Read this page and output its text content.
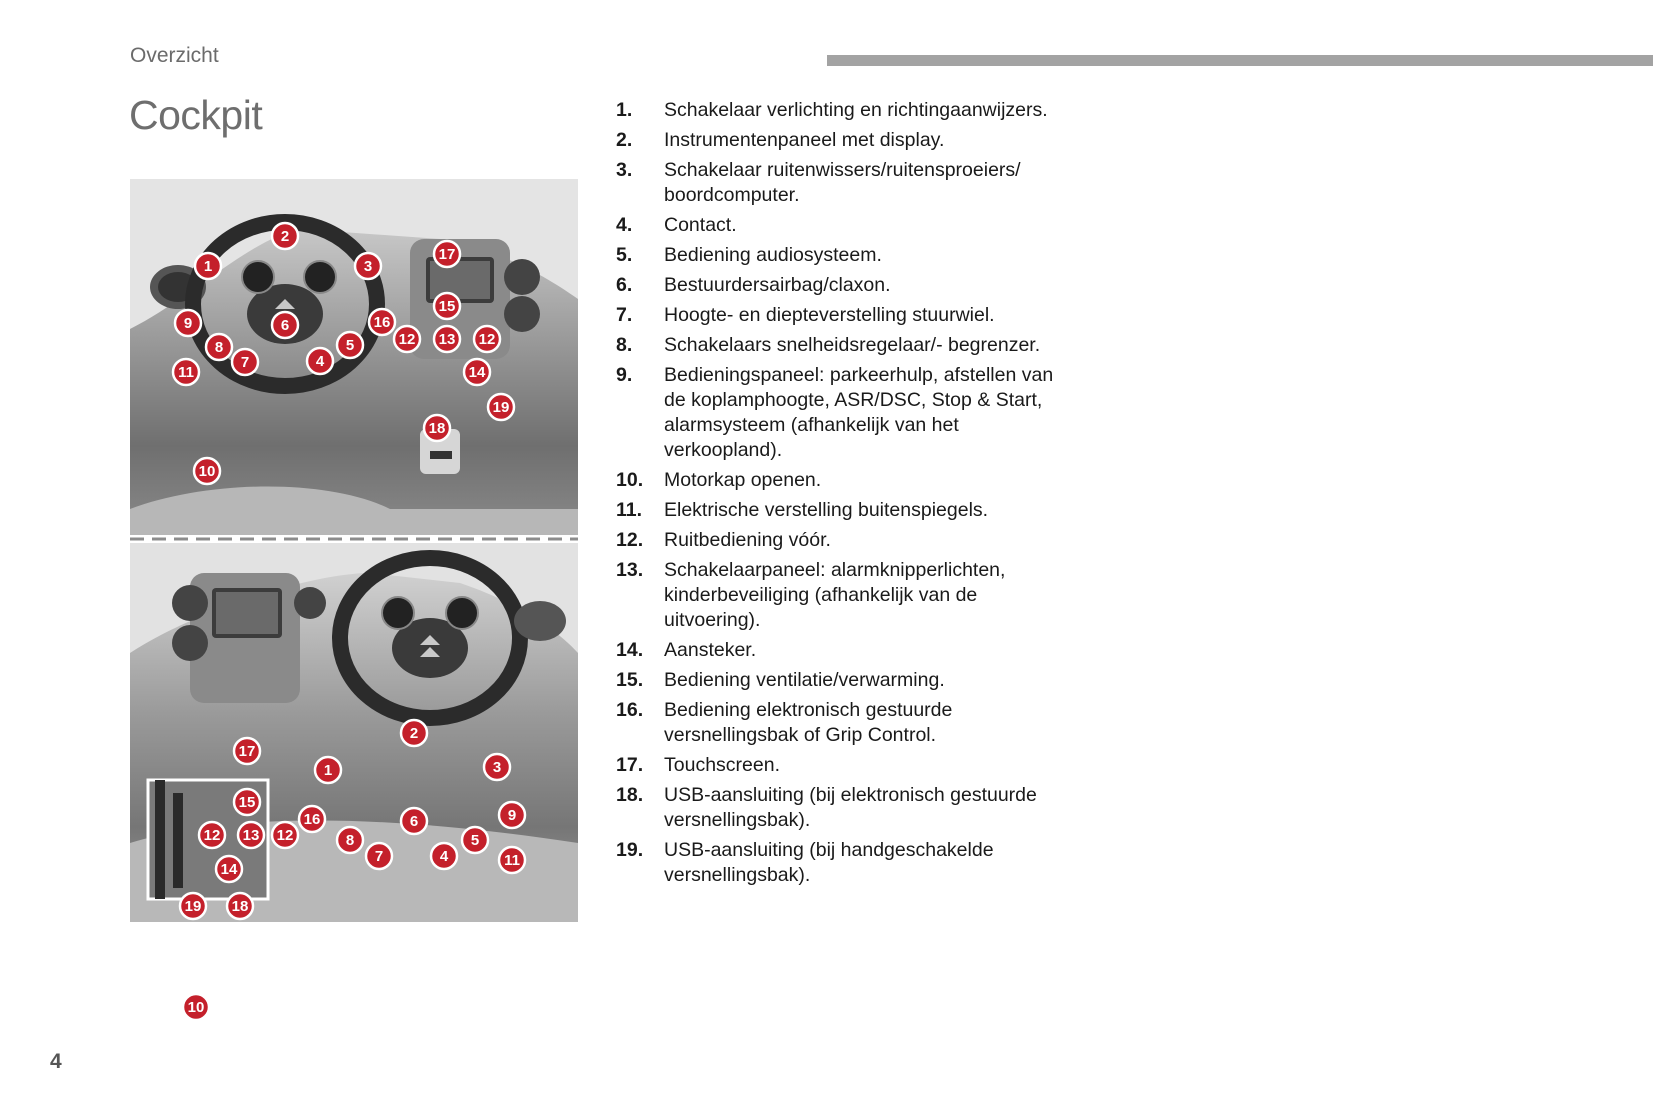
Overzicht
Cockpit
1
2
3
4
5
6
7
8
9
10
11
12	12
13
14
15
16
17
18
19
1
2
3
4
5
6
7
8
9
10
11
12	12
13
14
15
16
17
18
19
1.	Schakelaar verlichting en richtingaanwijzers.
2.	Instrumentenpaneel met display.
3.	Schakelaar ruitenwissers/ruitensproeiers/ boordcomputer.
4.	Contact.
5.	Bediening audiosysteem.
6.	Bestuurdersairbag/claxon.
7.	Hoogte- en diepteverstelling stuurwiel.
8.	Schakelaars snelheidsregelaar/- begrenzer.
9.	Bedieningspaneel: parkeerhulp, afstellen van de koplamphoogte, ASR/DSC, Stop & Start, alarmsysteem (afhankelijk van het verkoopland).
10.	Motorkap openen.
11.	Elektrische verstelling buitenspiegels.
12.	Ruitbediening vóór.
13.	Schakelaarpaneel: alarmknipperlichten, kinderbeveiliging (afhankelijk van de uitvoering).
14.	Aansteker.
15.	Bediening ventilatie/verwarming.
16.	Bediening elektronisch gestuurde versnellingsbak of Grip Control.
17.	Touchscreen.
18.	USB-aansluiting (bij elektronisch gestuurde versnellingsbak).
19.	USB-aansluiting (bij handgeschakelde versnellingsbak).
4
